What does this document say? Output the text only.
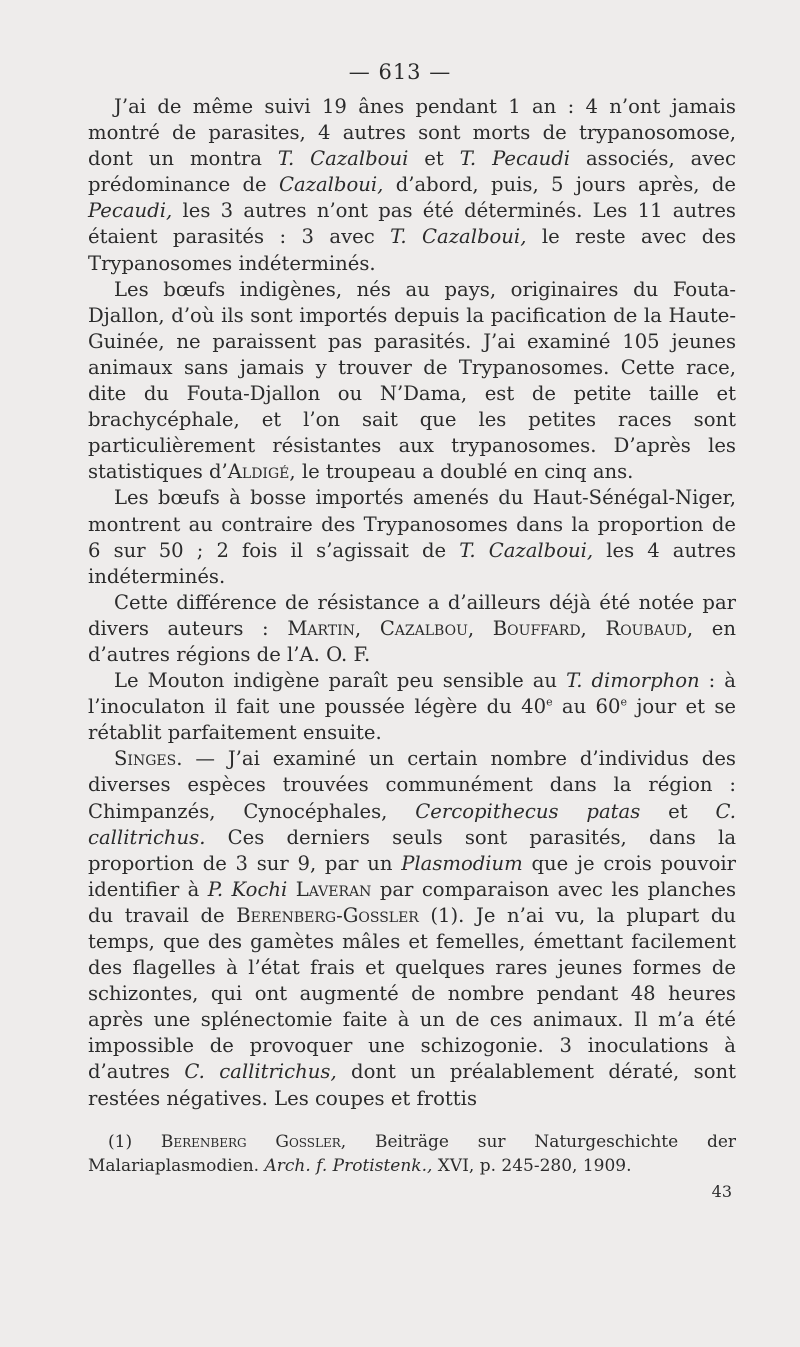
— 613 —

J’ai de même suivi 19 ânes pendant 1 an : 4 n’ont jamais montré de parasites, 4 autres sont morts de trypanosomose, dont un montra T. Cazalboui et T. Pecaudi associés, avec prédominance de Cazalboui, d’abord, puis, 5 jours après, de Pecaudi, les 3 autres n’ont pas été déterminés. Les 11 autres étaient parasités : 3 avec T. Cazalboui, le reste avec des Trypanosomes indéterminés.

Les bœufs indigènes, nés au pays, originaires du Fouta-Djallon, d’où ils sont importés depuis la pacification de la Haute-Guinée, ne paraissent pas parasités. J’ai examiné 105 jeunes animaux sans jamais y trouver de Trypanosomes. Cette race, dite du Fouta-Djallon ou N’Dama, est de petite taille et brachycéphale, et l’on sait que les petites races sont particulièrement résistantes aux trypanosomes. D’après les statistiques d’Aldigé, le troupeau a doublé en cinq ans.

Les bœufs à bosse importés amenés du Haut-Sénégal-Niger, montrent au contraire des Trypanosomes dans la proportion de 6 sur 50 ; 2 fois il s’agissait de T. Cazalboui, les 4 autres indéterminés.

Cette différence de résistance a d’ailleurs déjà été notée par divers auteurs : Martin, Cazalbou, Bouffard, Roubaud, en d’autres régions de l’A. O. F.

Le Mouton indigène paraît peu sensible au T. dimorphon : à l’inoculaton il fait une poussée légère du 40e au 60e jour et se rétablit parfaitement ensuite.

Singes. — J’ai examiné un certain nombre d’individus des diverses espèces trouvées communément dans la région : Chimpanzés, Cynocéphales, Cercopithecus patas et C. callitrichus. Ces derniers seuls sont parasités, dans la proportion de 3 sur 9, par un Plasmodium que je crois pouvoir identifier à P. Kochi Laveran par comparaison avec les planches du travail de Berenberg-Gossler (1). Je n’ai vu, la plupart du temps, que des gamètes mâles et femelles, émettant facilement des flagelles à l’état frais et quelques rares jeunes formes de schizontes, qui ont augmenté de nombre pendant 48 heures après une splénectomie faite à un de ces animaux. Il m’a été impossible de provoquer une schizogonie. 3 inoculations à d’autres C. callitrichus, dont un préalablement dératé, sont restées négatives. Les coupes et frottis

(1) Berenberg Gossler, Beiträge sur Naturgeschichte der Malariaplasmodien. Arch. f. Protistenk., XVI, p. 245-280, 1909.

43
